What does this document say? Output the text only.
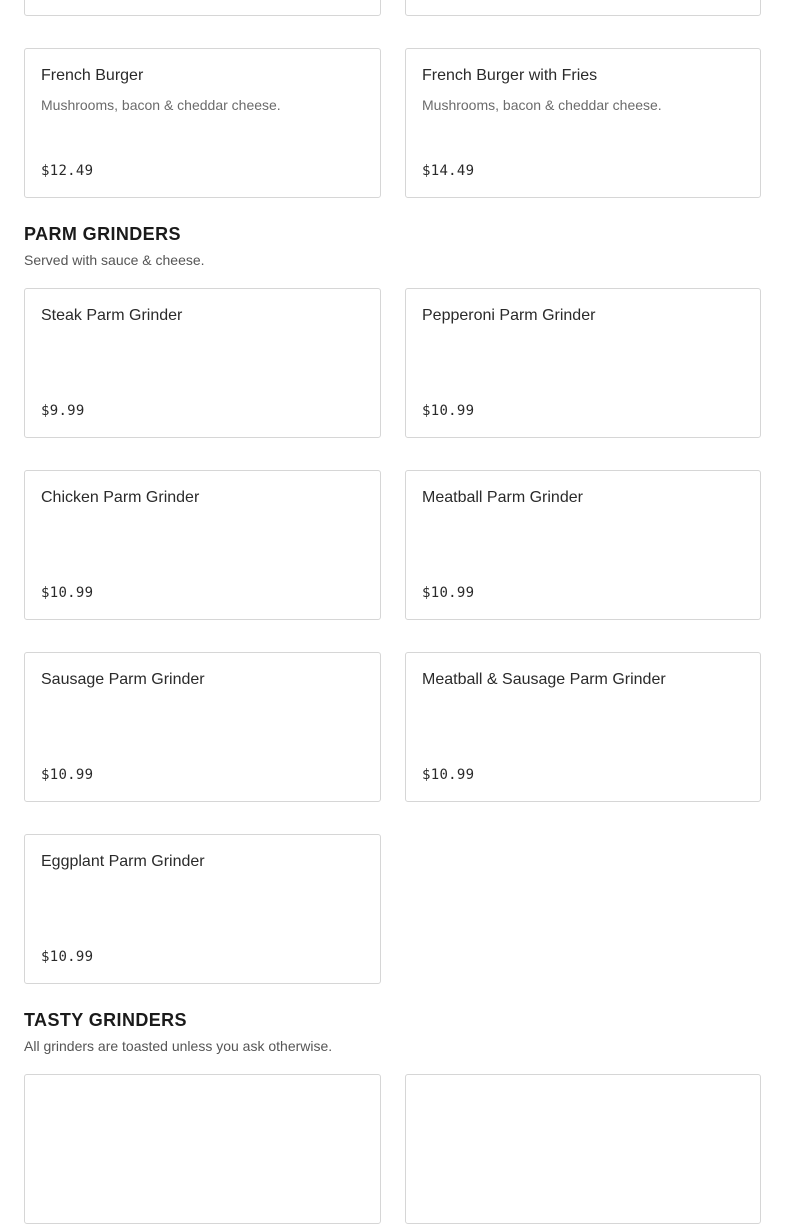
French Burger
Mushrooms, bacon & cheddar cheese.
$12.49
French Burger with Fries
Mushrooms, bacon & cheddar cheese.
$14.49
PARM GRINDERS
Served with sauce & cheese.
Steak Parm Grinder
$9.99
Pepperoni Parm Grinder
$10.99
Chicken Parm Grinder
$10.99
Meatball Parm Grinder
$10.99
Sausage Parm Grinder
$10.99
Meatball & Sausage Parm Grinder
$10.99
Eggplant Parm Grinder
$10.99
TASTY GRINDERS
All grinders are toasted unless you ask otherwise.
